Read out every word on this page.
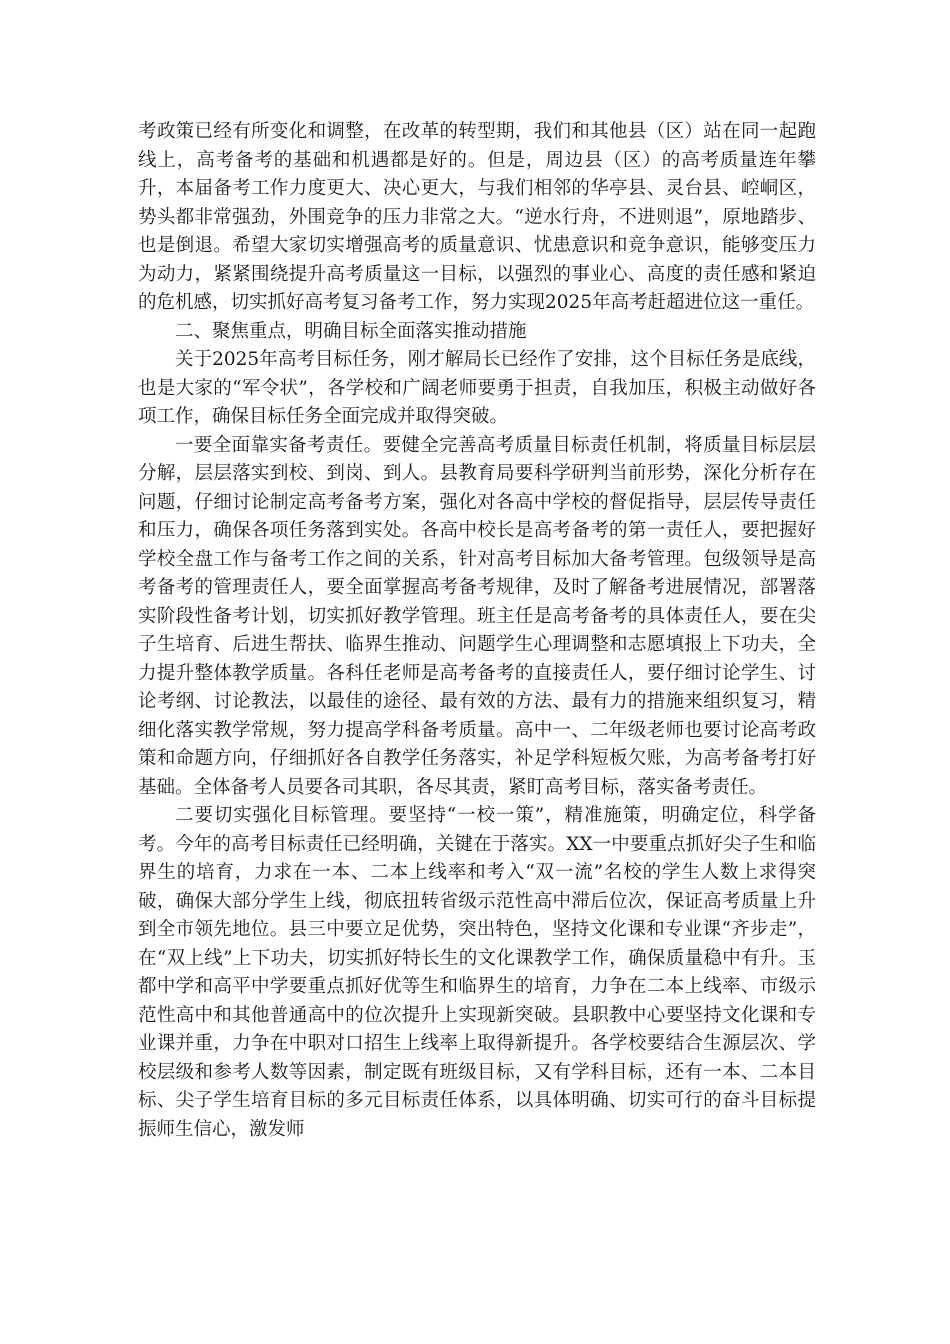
考政策已经有所变化和调整，在改革的转型期，我们和其他县（区）站在同一起跑线上，高考备考的基础和机遇都是好的。但是，周边县（区）的高考质量连年攀升，本届备考工作力度更大、决心更大，与我们相邻的华亭县、灵台县、崆峒区，势头都非常强劲，外围竞争的压力非常之大。“逆水行舟，不进则退”，原地踏步、也是倒退。希望大家切实增强高考的质量意识、忧患意识和竞争意识，能够变压力为动力，紧紧围绕提升高考质量这一目标，以强烈的事业心、高度的责任感和紧迫的危机感，切实抓好高考复习备考工作，努力实现2025年高考赶超进位这一重任。

二、聚焦重点，明确目标全面落实推动措施

关于2025年高考目标任务，刚才解局长已经作了安排，这个目标任务是底线，也是大家的“军令状”，各学校和广阔老师要勇于担责，自我加压，积极主动做好各项工作，确保目标任务全面完成并取得突破。

一要全面靠实备考责任。要健全完善高考质量目标责任机制，将质量目标层层分解，层层落实到校、到岗、到人。县教育局要科学研判当前形势，深化分析存在问题，仔细讨论制定高考备考方案，强化对各高中学校的督促指导，层层传导责任和压力，确保各项任务落到实处。各高中校长是高考备考的第一责任人，要把握好学校全盘工作与备考工作之间的关系，针对高考目标加大备考管理。包级领导是高考备考的管理责任人，要全面掌握高考备考规律，及时了解备考进展情况，部署落实阶段性备考计划，切实抓好教学管理。班主任是高考备考的具体责任人，要在尖子生培育、后进生帮扶、临界生推动、问题学生心理调整和志愿填报上下功夫，全力提升整体教学质量。各科任老师是高考备考的直接责任人，要仔细讨论学生、讨论考纲、讨论教法，以最佳的途径、最有效的方法、最有力的措施来组织复习，精细化落实教学常规，努力提高学科备考质量。高中一、二年级老师也要讨论高考政策和命题方向，仔细抓好各自教学任务落实，补足学科短板欠账，为高考备考打好基础。全体备考人员要各司其职，各尽其责，紧盯高考目标，落实备考责任。

二要切实强化目标管理。要坚持“一校一策”，精准施策，明确定位，科学备考。今年的高考目标责任已经明确，关键在于落实。XX一中要重点抓好尖子生和临界生的培育，力求在一本、二本上线率和考入“双一流”名校的学生人数上求得突破，确保大部分学生上线，彻底扭转省级示范性高中滞后位次，保证高考质量上升到全市领先地位。县三中要立足优势，突出特色，坚持文化课和专业课“齐步走”，在“双上线”上下功夫，切实抓好特长生的文化课教学工作，确保质量稳中有升。玉都中学和高平中学要重点抓好优等生和临界生的培育，力争在二本上线率、市级示范性高中和其他普通高中的位次提升上实现新突破。县职教中心要坚持文化课和专业课并重，力争在中职对口招生上线率上取得新提升。各学校要结合生源层次、学校层级和参考人数等因素，制定既有班级目标，又有学科目标，还有一本、二本目标、尖子学生培育目标的多元目标责任体系，以具体明确、切实可行的奋斗目标提振师生信心，激发师
